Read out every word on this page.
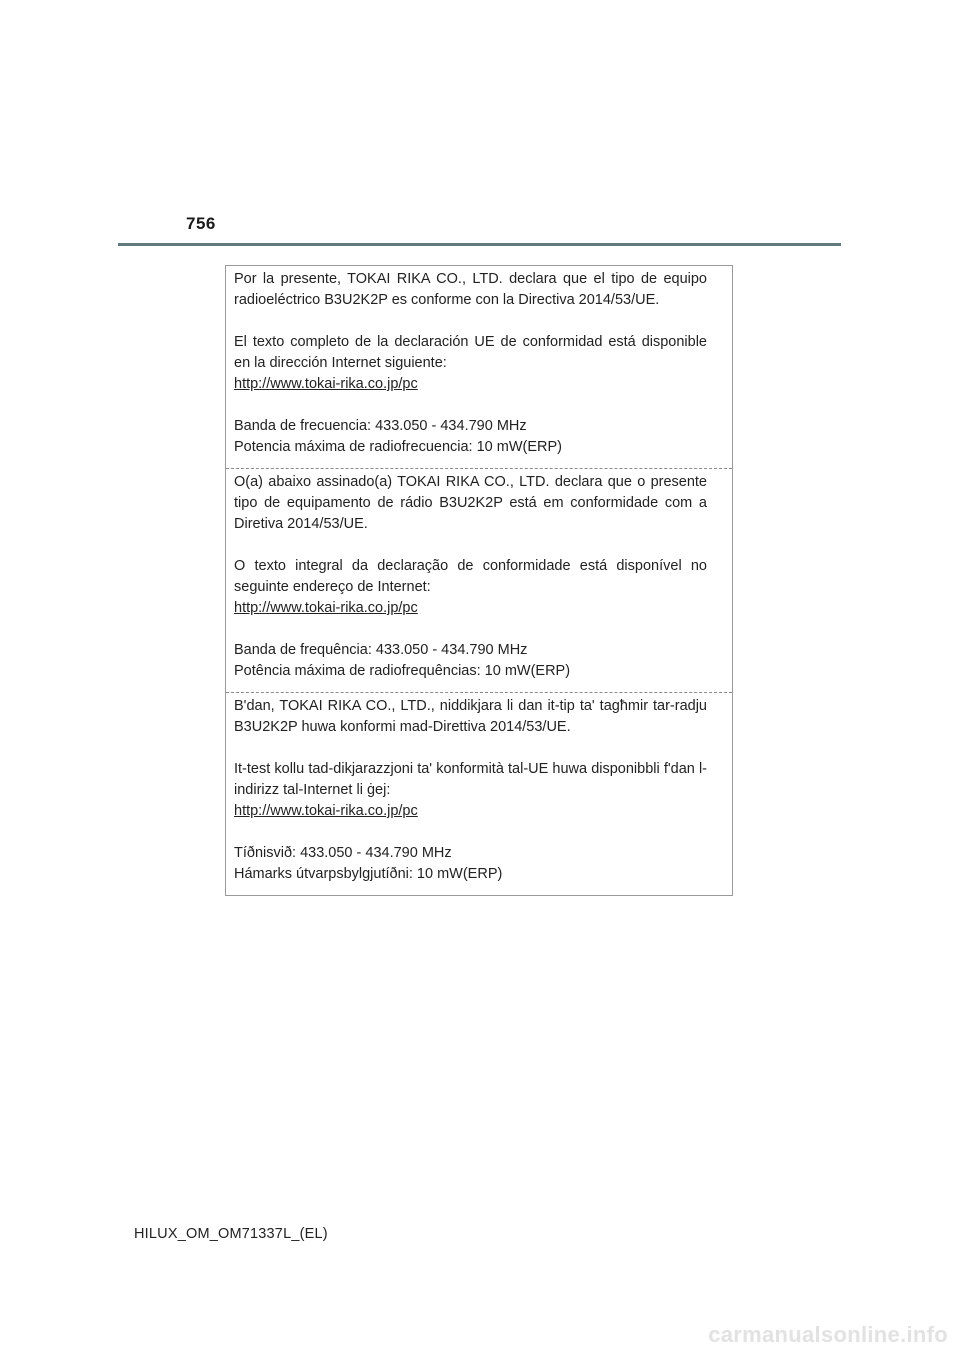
756

Por la presente, TOKAI RIKA CO., LTD. declara que el tipo de equipo radioeléctrico B3U2K2P es conforme con la Directiva 2014/53/UE.

El texto completo de la declaración UE de conformidad está disponible en la dirección Internet siguiente:

http://www.tokai-rika.co.jp/pc

Banda de frecuencia: 433.050 - 434.790 MHz

Potencia máxima de radiofrecuencia: 10 mW(ERP)

O(a) abaixo assinado(a) TOKAI RIKA CO., LTD. declara que o presente tipo de equipamento de rádio B3U2K2P está em conformidade com a Diretiva 2014/53/UE.

O texto integral da declaração de conformidade está disponível no seguinte endereço de Internet:

http://www.tokai-rika.co.jp/pc

Banda de frequência: 433.050 - 434.790 MHz

Potência máxima de radiofrequências: 10 mW(ERP)

B'dan, TOKAI RIKA CO., LTD., niddikjara li dan it-tip ta' tagħmir tar-radju B3U2K2P huwa konformi mad-Direttiva 2014/53/UE.

It-test kollu tad-dikjarazzjoni ta' konformità tal-UE huwa disponibbli f'dan l-indirizz tal-Internet li ġej:

http://www.tokai-rika.co.jp/pc

Tíðnisvið: 433.050 - 434.790 MHz

Hámarks útvarpsbylgjutíðni: 10 mW(ERP)

HILUX_OM_OM71337L_(EL)
carmanualsonline.info
